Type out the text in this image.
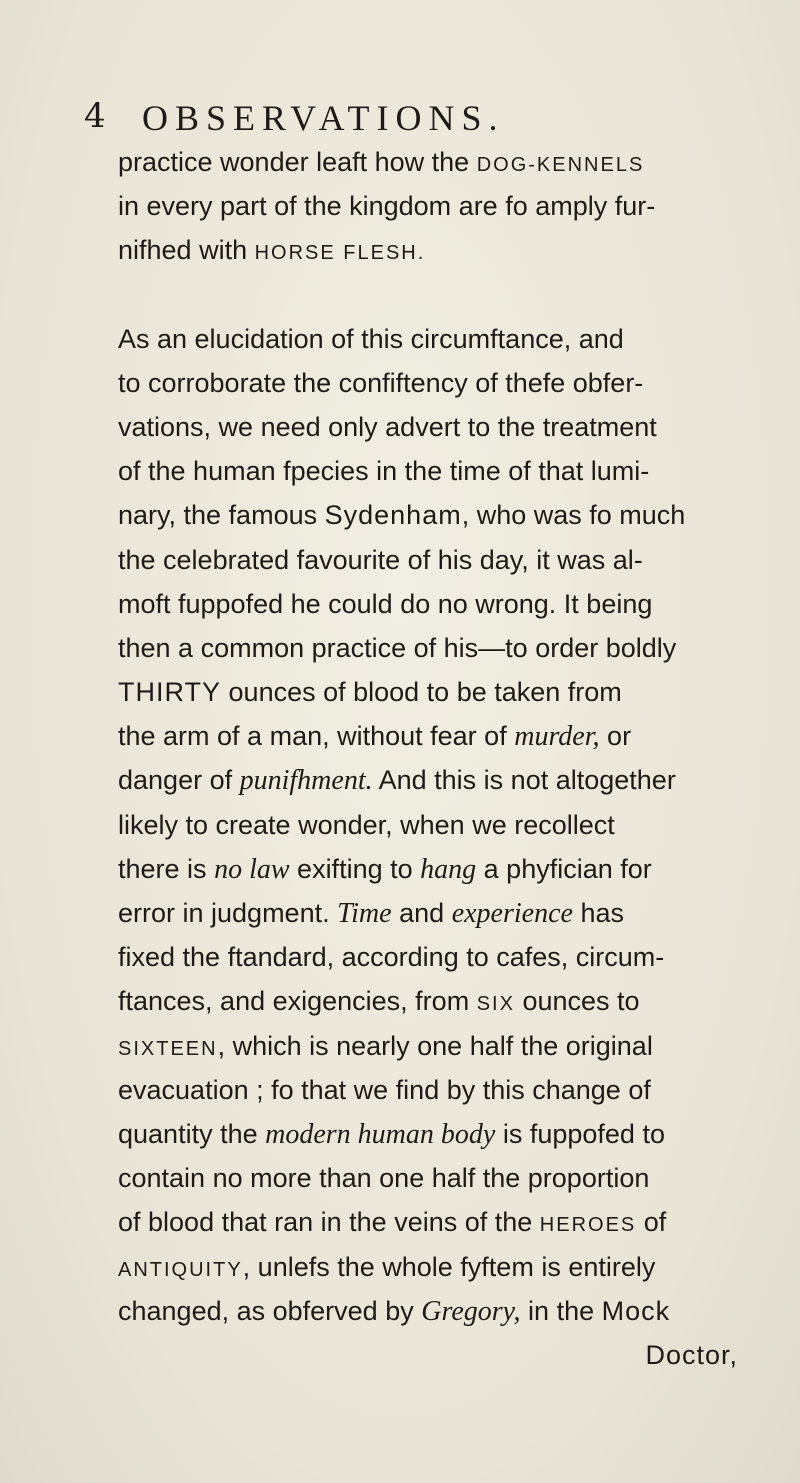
4 OBSERVATIONS.
practice wonder leaft how the DOG-KENNELS
in every part of the kingdom are fo amply fur-
nifhed with HORSE FLESH.
As an elucidation of this circumftance, and
to corroborate the confiftency of thefe obfer-
vations, we need only advert to the treatment
of the human fpecies in the time of that lumi-
nary, the famous Sydenham, who was fo much
the celebrated favourite of his day, it was al-
moft fuppofed he could do no wrong. It being
then a common practice of his—to order boldly
THIRTY ounces of blood to be taken from
the arm of a man, without fear of murder, or
danger of punifhment. And this is not altogether
likely to create wonder, when we recollect
there is no law exifting to hang a phyfician for
error in judgment. Time and experience has
fixed the ftandard, according to cafes, circum-
ftances, and exigencies, from SIX ounces to
SIXTEEN, which is nearly one half the original
evacuation ; fo that we find by this change of
quantity the modern human body is fuppofed to
contain no more than one half the proportion
of blood that ran in the veins of the HEROES of
ANTIQUITY, unlefs the whole fyftem is entirely
changed, as obferved by Gregory, in the Mock
Doctor,
